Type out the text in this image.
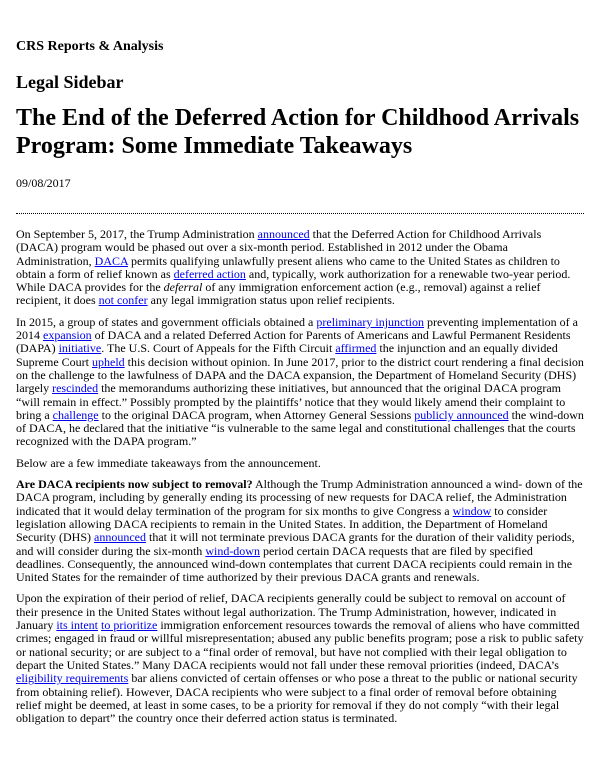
CRS Reports & Analysis
Legal Sidebar
The End of the Deferred Action for Childhood Arrivals Program: Some Immediate Takeaways
09/08/2017

On September 5, 2017, the Trump Administration announced that the Deferred Action for Childhood Arrivals (DACA) program would be phased out over a six-month period. Established in 2012 under the Obama Administration, DACA permits qualifying unlawfully present aliens who came to the United States as children to obtain a form of relief known as deferred action and, typically, work authorization for a renewable two-year period. While DACA provides for the deferral of any immigration enforcement action (e.g., removal) against a relief recipient, it does not confer any legal immigration status upon relief recipients.

In 2015, a group of states and government officials obtained a preliminary injunction preventing implementation of a 2014 expansion of DACA and a related Deferred Action for Parents of Americans and Lawful Permanent Residents (DAPA) initiative. The U.S. Court of Appeals for the Fifth Circuit affirmed the injunction and an equally divided Supreme Court upheld this decision without opinion. In June 2017, prior to the district court rendering a final decision on the challenge to the lawfulness of DAPA and the DACA expansion, the Department of Homeland Security (DHS) largely rescinded the memorandums authorizing these initiatives, but announced that the original DACA program “will remain in effect.” Possibly prompted by the plaintiffs’ notice that they would likely amend their complaint to bring a challenge to the original DACA program, when Attorney General Sessions publicly announced the wind-down of DACA, he declared that the initiative “is vulnerable to the same legal and constitutional challenges that the courts recognized with the DAPA program.”

Below are a few immediate takeaways from the announcement.

Are DACA recipients now subject to removal? Although the Trump Administration announced a wind- down of the DACA program, including by generally ending its processing of new requests for DACA relief, the Administration indicated that it would delay termination of the program for six months to give Congress a window to consider legislation allowing DACA recipients to remain in the United States. In addition, the Department of Homeland Security (DHS) announced that it will not terminate previous DACA grants for the duration of their validity periods, and will consider during the six-month wind-down period certain DACA requests that are filed by specified deadlines. Consequently, the announced wind-down contemplates that current DACA recipients could remain in the United States for the remainder of time authorized by their previous DACA grants and renewals.

Upon the expiration of their period of relief, DACA recipients generally could be subject to removal on account of their presence in the United States without legal authorization. The Trump Administration, however, indicated in January its intent to prioritize immigration enforcement resources towards the removal of aliens who have committed crimes; engaged in fraud or willful misrepresentation; abused any public benefits program; pose a risk to public safety or national security; or are subject to a “final order of removal, but have not complied with their legal obligation to depart the United States.” Many DACA recipients would not fall under these removal priorities (indeed, DACA’s eligibility requirements bar aliens convicted of certain offenses or who pose a threat to the public or national security from obtaining relief). However, DACA recipients who were subject to a final order of removal before obtaining relief might be deemed, at least in some cases, to be a priority for removal if they do not comply “with their legal obligation to depart” the country once their deferred action status is terminated.
